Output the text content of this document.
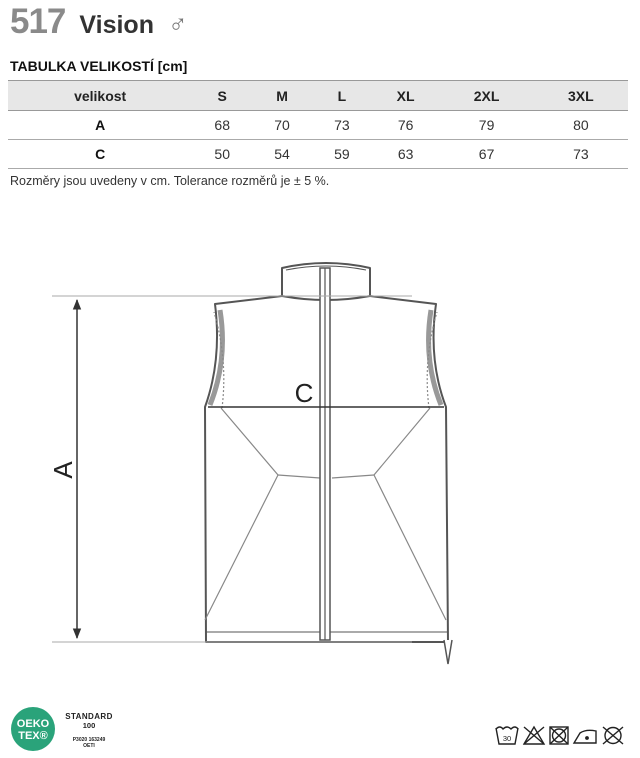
517 Vision ♂
TABULKA VELIKOSTÍ [cm]
velikost	S	M	L	XL	2XL	3XL
A	68	70	73	76	79	80
C	50	54	59	63	67	73
Rozměry jsou uvedeny v cm. Tolerance rozměrů je ± 5 %.
A
C
OEKO
TEX®
STANDARD
100
P3020 163249
OETI
30
